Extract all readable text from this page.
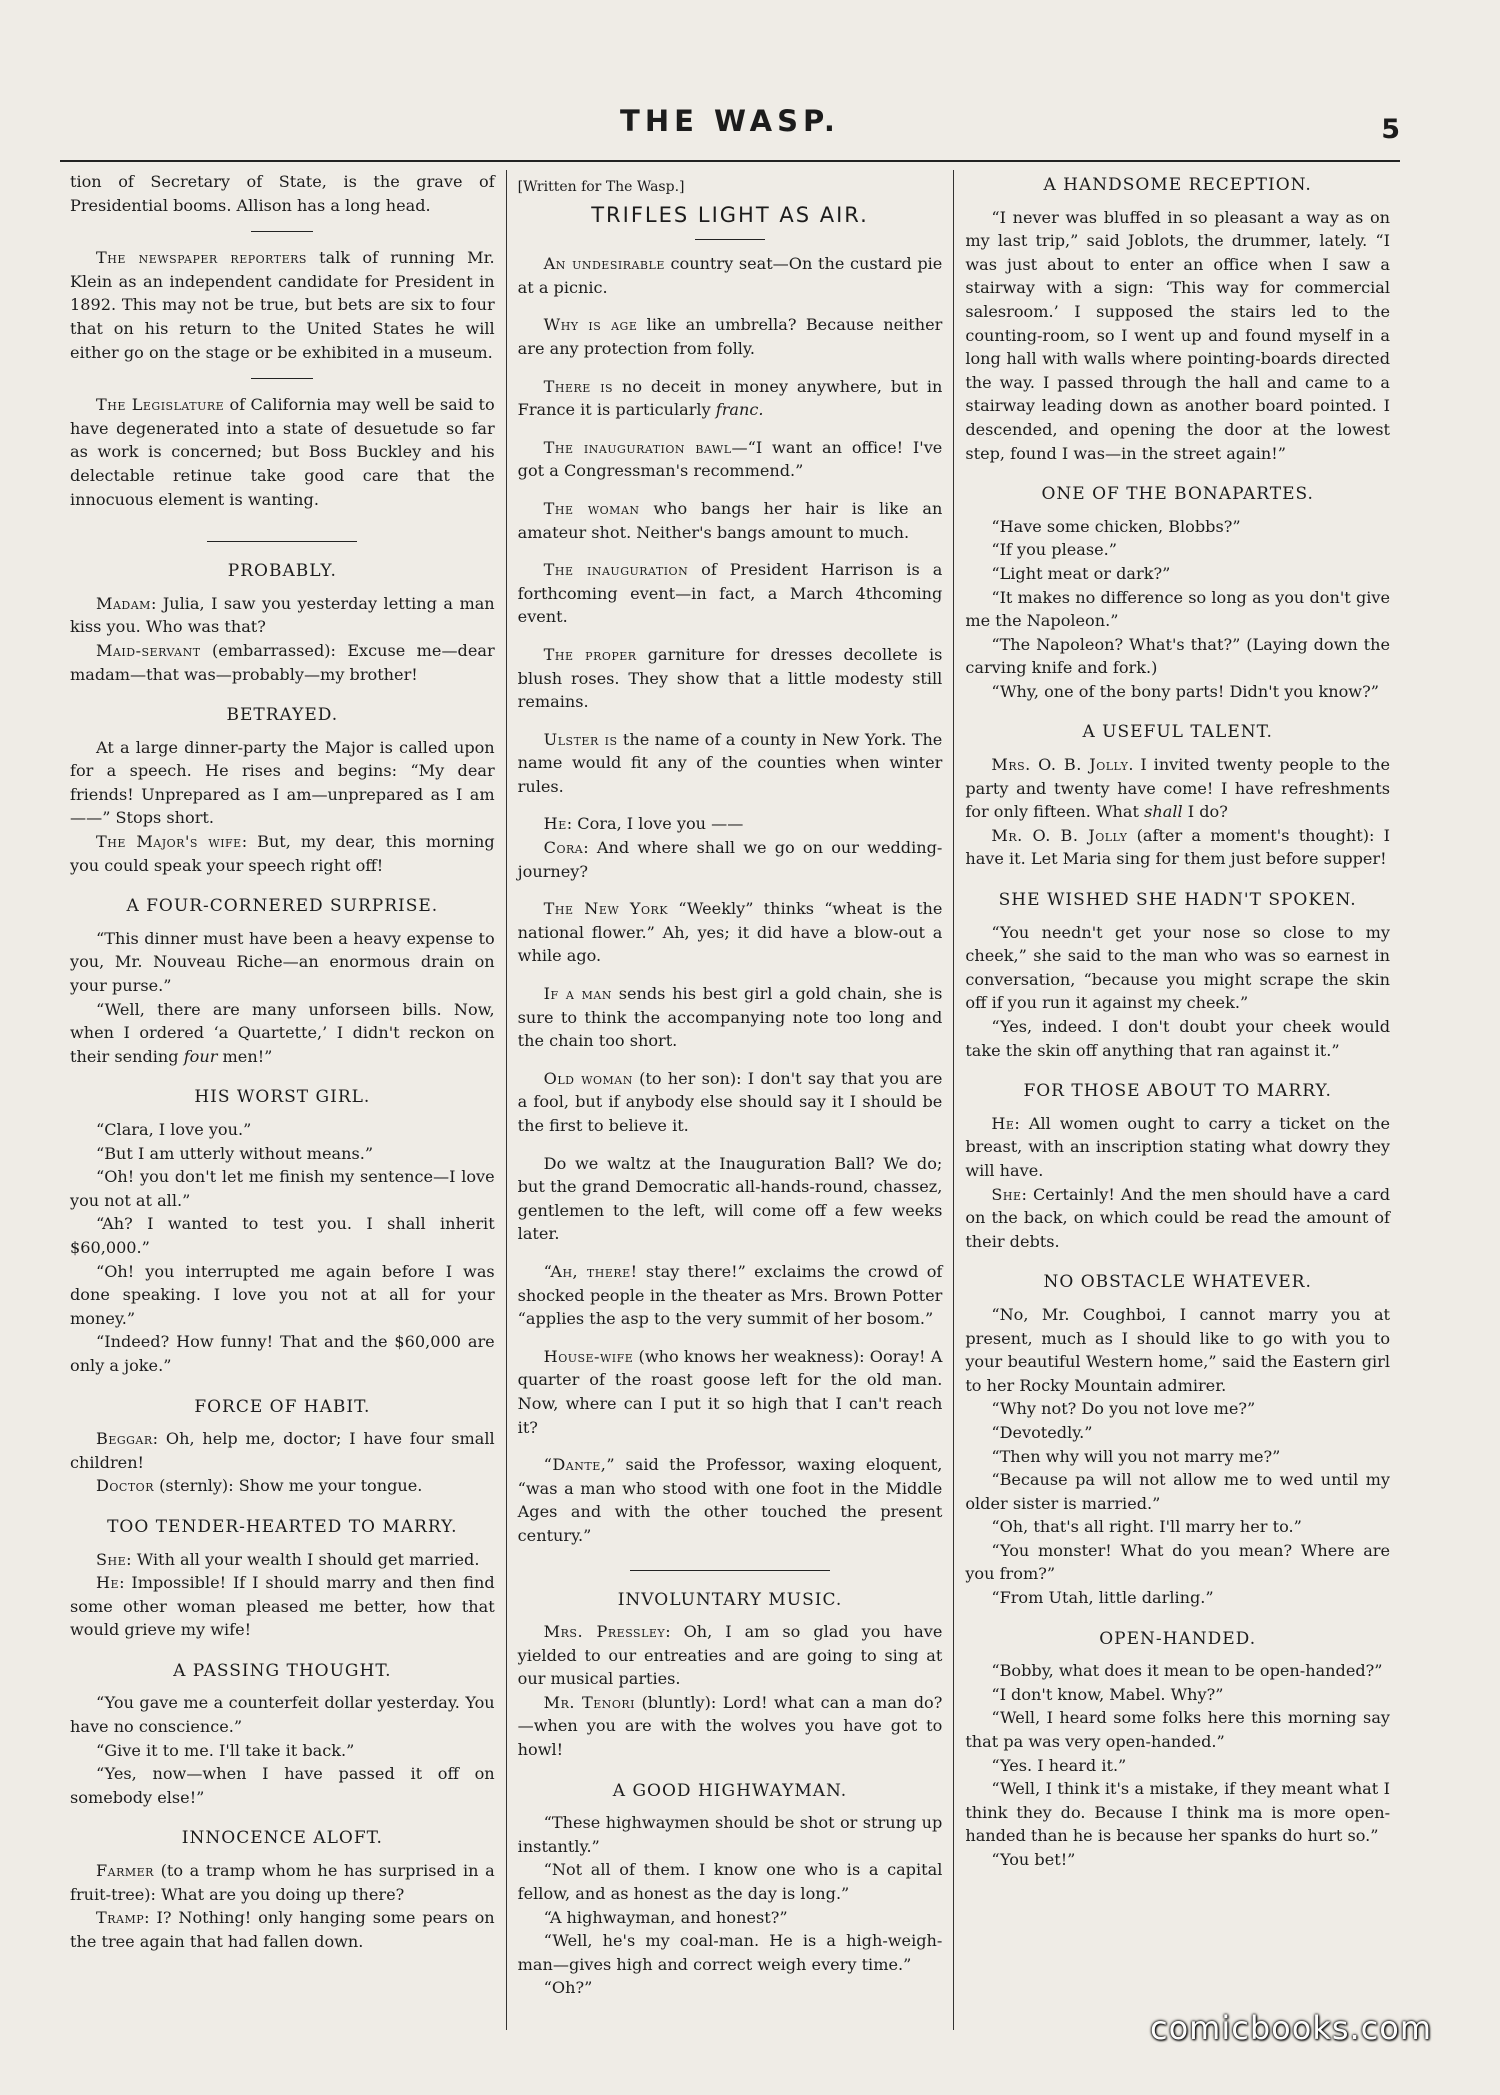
THE WASP.	5

tion of Secretary of State, is the grave of Presidential booms. Allison has a long head.

The newspaper reporters talk of running Mr. Klein as an independent candidate for President in 1892. This may not be true, but bets are six to four that on his return to the United States he will either go on the stage or be exhibited in a museum.

The Legislature of California may well be said to have degenerated into a state of desuetude so far as work is concerned; but Boss Buckley and his delectable retinue take good care that the innocuous element is wanting.

PROBABLY.

Madam: Julia, I saw you yesterday letting a man kiss you. Who was that?

Maid-servant (embarrassed): Excuse me—dear madam—that was—probably—my brother!

BETRAYED.

At a large dinner-party the Major is called upon for a speech. He rises and begins: “My dear friends! Unprepared as I am—unprepared as I am ——” Stops short.

The Major's wife: But, my dear, this morning you could speak your speech right off!

A FOUR-CORNERED SURPRISE.

“This dinner must have been a heavy expense to you, Mr. Nouveau Riche—an enormous drain on your purse.”

“Well, there are many unforseen bills. Now, when I ordered ‘a Quartette,’ I didn't reckon on their sending four men!”

HIS WORST GIRL.

“Clara, I love you.”

“But I am utterly without means.”

“Oh! you don't let me finish my sentence—I love you not at all.”

“Ah? I wanted to test you. I shall inherit $60,000.”

“Oh! you interrupted me again before I was done speaking. I love you not at all for your money.”

“Indeed? How funny! That and the $60,000 are only a joke.”

FORCE OF HABIT.

Beggar: Oh, help me, doctor; I have four small children!

Doctor (sternly): Show me your tongue.

TOO TENDER-HEARTED TO MARRY.

She: With all your wealth I should get married.

He: Impossible! If I should marry and then find some other woman pleased me better, how that would grieve my wife!

A PASSING THOUGHT.

“You gave me a counterfeit dollar yesterday. You have no conscience.”

“Give it to me. I'll take it back.”

“Yes, now—when I have passed it off on somebody else!”

INNOCENCE ALOFT.

Farmer (to a tramp whom he has surprised in a fruit-tree): What are you doing up there?

Tramp: I? Nothing! only hanging some pears on the tree again that had fallen down.

[Written for The Wasp.]

TRIFLES LIGHT AS AIR.

An undesirable country seat—On the custard pie at a picnic.

Why is age like an umbrella? Because neither are any protection from folly.

There is no deceit in money anywhere, but in France it is particularly franc.

The inauguration bawl—“I want an office! I've got a Congressman's recommend.”

The woman who bangs her hair is like an amateur shot. Neither's bangs amount to much.

The inauguration of President Harrison is a forthcoming event—in fact, a March 4thcoming event.

The proper garniture for dresses decollete is blush roses. They show that a little modesty still remains.

Ulster is the name of a county in New York. The name would fit any of the counties when winter rules.

He: Cora, I love you ——

Cora: And where shall we go on our wedding-journey?

The New York “Weekly” thinks “wheat is the national flower.” Ah, yes; it did have a blow-out a while ago.

If a man sends his best girl a gold chain, she is sure to think the accompanying note too long and the chain too short.

Old woman (to her son): I don't say that you are a fool, but if anybody else should say it I should be the first to believe it.

Do we waltz at the Inauguration Ball? We do; but the grand Democratic all-hands-round, chassez, gentlemen to the left, will come off a few weeks later.

“Ah, there! stay there!” exclaims the crowd of shocked people in the theater as Mrs. Brown Potter “applies the asp to the very summit of her bosom.”

House-wife (who knows her weakness): Ooray! A quarter of the roast goose left for the old man. Now, where can I put it so high that I can't reach it?

“Dante,” said the Professor, waxing eloquent, “was a man who stood with one foot in the Middle Ages and with the other touched the present century.”

INVOLUNTARY MUSIC.

Mrs. Pressley: Oh, I am so glad you have yielded to our entreaties and are going to sing at our musical parties.

Mr. Tenori (bluntly): Lord! what can a man do?—when you are with the wolves you have got to howl!

A GOOD HIGHWAYMAN.

“These highwaymen should be shot or strung up instantly.”

“Not all of them. I know one who is a capital fellow, and as honest as the day is long.”

“A highwayman, and honest?”

“Well, he's my coal-man. He is a high-weigh-man—gives high and correct weigh every time.”

“Oh?”

A HANDSOME RECEPTION.

“I never was bluffed in so pleasant a way as on my last trip,” said Joblots, the drummer, lately. “I was just about to enter an office when I saw a stairway with a sign: ‘This way for commercial salesroom.’ I supposed the stairs led to the counting-room, so I went up and found myself in a long hall with walls where pointing-boards directed the way. I passed through the hall and came to a stairway leading down as another board pointed. I descended, and opening the door at the lowest step, found I was—in the street again!”

ONE OF THE BONAPARTES.

“Have some chicken, Blobbs?”

“If you please.”

“Light meat or dark?”

“It makes no difference so long as you don't give me the Napoleon.”

“The Napoleon? What's that?” (Laying down the carving knife and fork.)

“Why, one of the bony parts! Didn't you know?”

A USEFUL TALENT.

Mrs. O. B. Jolly. I invited twenty people to the party and twenty have come! I have refreshments for only fifteen. What shall I do?

Mr. O. B. Jolly (after a moment's thought): I have it. Let Maria sing for them just before supper!

SHE WISHED SHE HADN'T SPOKEN.

“You needn't get your nose so close to my cheek,” she said to the man who was so earnest in conversation, “because you might scrape the skin off if you run it against my cheek.”

“Yes, indeed. I don't doubt your cheek would take the skin off anything that ran against it.”

FOR THOSE ABOUT TO MARRY.

He: All women ought to carry a ticket on the breast, with an inscription stating what dowry they will have.

She: Certainly! And the men should have a card on the back, on which could be read the amount of their debts.

NO OBSTACLE WHATEVER.

“No, Mr. Coughboi, I cannot marry you at present, much as I should like to go with you to your beautiful Western home,” said the Eastern girl to her Rocky Mountain admirer.

“Why not? Do you not love me?”

“Devotedly.”

“Then why will you not marry me?”

“Because pa will not allow me to wed until my older sister is married.”

“Oh, that's all right. I'll marry her to.”

“You monster! What do you mean? Where are you from?”

“From Utah, little darling.”

OPEN-HANDED.

“Bobby, what does it mean to be open-handed?”

“I don't know, Mabel. Why?”

“Well, I heard some folks here this morning say that pa was very open-handed.”

“Yes. I heard it.”

“Well, I think it's a mistake, if they meant what I think they do. Because I think ma is more open-handed than he is because her spanks do hurt so.”

“You bet!”

comicbooks.com
